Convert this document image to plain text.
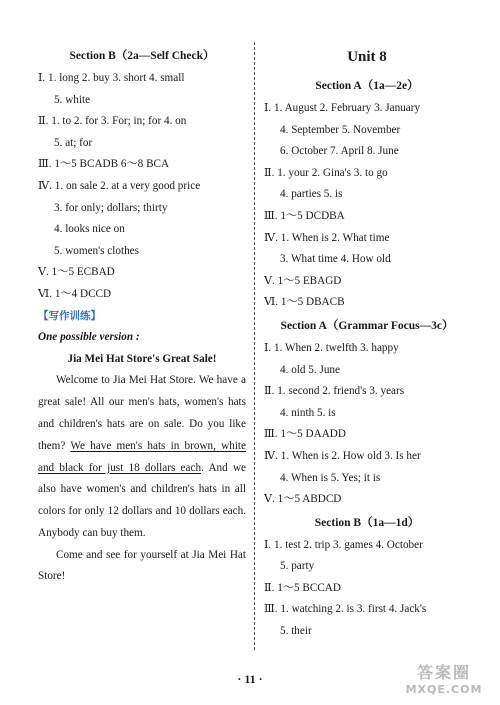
Section B（2a—Self Check）
Ⅰ. 1. long 2. buy 3. short 4. small
5. white
Ⅱ. 1. to 2. for 3. For; in; for 4. on
5. at; for
Ⅲ. 1～5 BCADB 6～8 BCA
Ⅳ. 1. on sale 2. at a very good price
3. for only; dollars; thirty
4. looks nice on
5. women's clothes
Ⅴ. 1～5 ECBAD
Ⅵ. 1～4 DCCD
【写作训练】
One possible version :
Jia Mei Hat Store's Great Sale!
Welcome to Jia Mei Hat Store. We have a great sale! All our men's hats, women's hats and children's hats are on sale. Do you like them? We have men's hats in brown, white and black for just 18 dollars each. And we also have women's and children's hats in all colors for only 12 dollars and 10 dollars each. Anybody can buy them.
Come and see for yourself at Jia Mei Hat Store!
Unit 8
Section A（1a—2e）
Ⅰ. 1. August 2. February 3. January
4. September 5. November
6. October 7. April 8. June
Ⅱ. 1. your 2. Gina's 3. to go
4. parties 5. is
Ⅲ. 1～5 DCDBA
Ⅳ. 1. When is 2. What time
3. What time 4. How old
Ⅴ. 1～5 EBAGD
Ⅵ. 1～5 DBACB
Section A（Grammar Focus—3c）
Ⅰ. 1. When 2. twelfth 3. happy
4. old 5. June
Ⅱ. 1. second 2. friend's 3. years
4. ninth 5. is
Ⅲ. 1～5 DAADD
Ⅳ. 1. When is 2. How old 3. Is her
4. When is 5. Yes; it is
Ⅴ. 1～5 ABDCD
Section B（1a—1d）
Ⅰ. 1. test 2. trip 3. games 4. October
5. party
Ⅱ. 1～5 BCCAD
Ⅲ. 1. watching 2. is 3. first 4. Jack's
5. their
· 11 ·	答案圈
MXQE.COM
